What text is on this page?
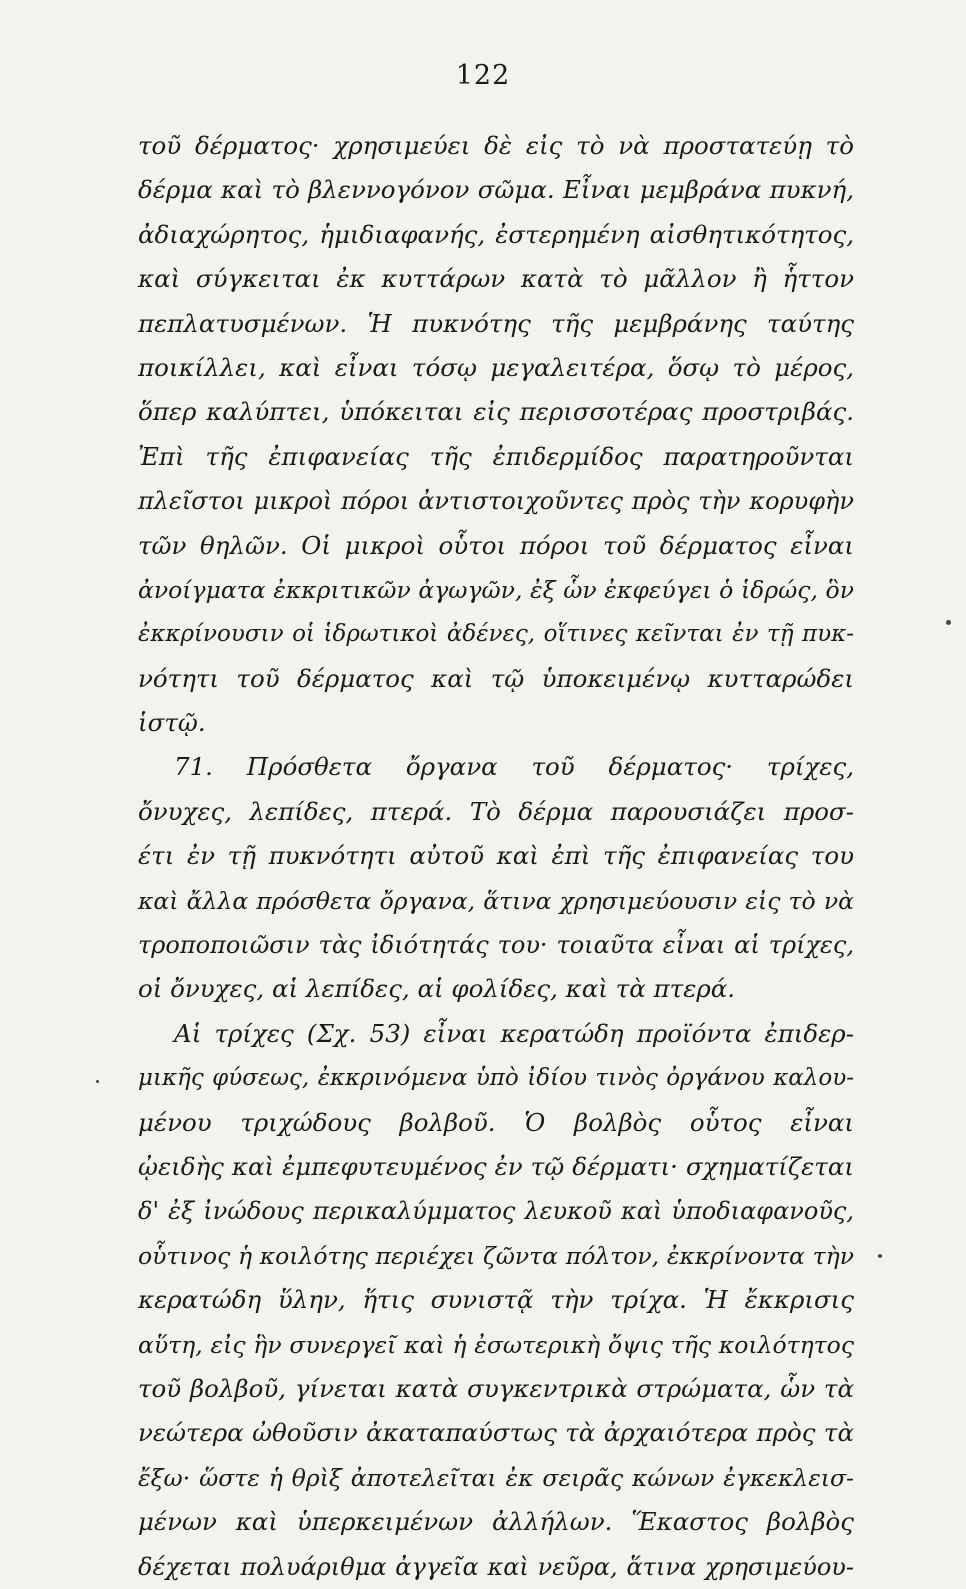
122
τοῦ δέρματος· χρησιμεύει δὲ εἰς τὸ νὰ προστατεύῃ τὸ
δέρμα καὶ τὸ βλεννογόνον σῶμα. Εἶναι μεμβράνα πυκνή,
ἀδιαχώρητος, ἡμιδιαφανής, ἐστερημένη αἰσθητικότητος,
καὶ σύγκειται ἐκ κυττάρων κατὰ τὸ μᾶλλον ἢ ἧττον
πεπλατυσμένων. Ἡ πυκνότης τῆς μεμβράνης ταύτης
ποικίλλει, καὶ εἶναι τόσῳ μεγαλειτέρα, ὅσῳ τὸ μέρος,
ὅπερ καλύπτει, ὑπόκειται εἰς περισσοτέρας προστριβάς.
Ἐπὶ τῆς ἐπιφανείας τῆς ἐπιδερμίδος παρατηροῦνται
πλεῖστοι μικροὶ πόροι ἀντιστοιχοῦντες πρὸς τὴν κορυφὴν
τῶν θηλῶν. Οἱ μικροὶ οὗτοι πόροι τοῦ δέρματος εἶναι
ἀνοίγματα ἐκκριτικῶν ἀγωγῶν, ἐξ ὧν ἐκφεύγει ὁ ἱδρώς, ὃν
ἐκκρίνουσιν οἱ ἱδρωτικοὶ ἀδένες, οἵτινες κεῖνται ἐν τῇ πυκ-
νότητι τοῦ δέρματος καὶ τῷ ὑποκειμένῳ κυτταρώδει
ἱστῷ.
71. Πρόσθετα ὄργανα τοῦ δέρματος· τρίχες,
ὄνυχες, λεπίδες, πτερά. Τὸ δέρμα παρουσιάζει προσ-
έτι ἐν τῇ πυκνότητι αὐτοῦ καὶ ἐπὶ τῆς ἐπιφανείας του
καὶ ἄλλα πρόσθετα ὄργανα, ἅτινα χρησιμεύουσιν εἰς τὸ νὰ
τροποποιῶσιν τὰς ἰδιότητάς του· τοιαῦτα εἶναι αἱ τρίχες,
οἱ ὄνυχες, αἱ λεπίδες, αἱ φολίδες, καὶ τὰ πτερά.
Αἱ τρίχες (Σχ. 53) εἶναι κερατώδη προϊόντα ἐπιδερ-
μικῆς φύσεως, ἐκκρινόμενα ὑπὸ ἰδίου τινὸς ὀργάνου καλου-
μένου τριχώδους βολβοῦ. Ὁ βολβὸς οὗτος εἶναι
ᾠειδὴς καὶ ἐμπεφυτευμένος ἐν τῷ δέρματι· σχηματίζεται
δ' ἐξ ἰνώδους περικαλύμματος λευκοῦ καὶ ὑποδιαφανοῦς,
οὗτινος ἡ κοιλότης περιέχει ζῶντα πόλτον, ἐκκρίνοντα τὴν
κερατώδη ὕλην, ἥτις συνιστᾷ τὴν τρίχα. Ἡ ἔκκρισις
αὕτη, εἰς ἣν συνεργεῖ καὶ ἡ ἐσωτερικὴ ὄψις τῆς κοιλότητος
τοῦ βολβοῦ, γίνεται κατὰ συγκεντρικὰ στρώματα, ὧν τὰ
νεώτερα ὠθοῦσιν ἀκαταπαύστως τὰ ἀρχαιότερα πρὸς τὰ
ἔξω· ὥστε ἡ θρὶξ ἀποτελεῖται ἐκ σειρᾶς κώνων ἐγκεκλεισ-
μένων καὶ ὑπερκειμένων ἀλλήλων. Ἕκαστος βολβὸς
δέχεται πολυάριθμα ἀγγεῖα καὶ νεῦρα, ἅτινα χρησιμεύου-
